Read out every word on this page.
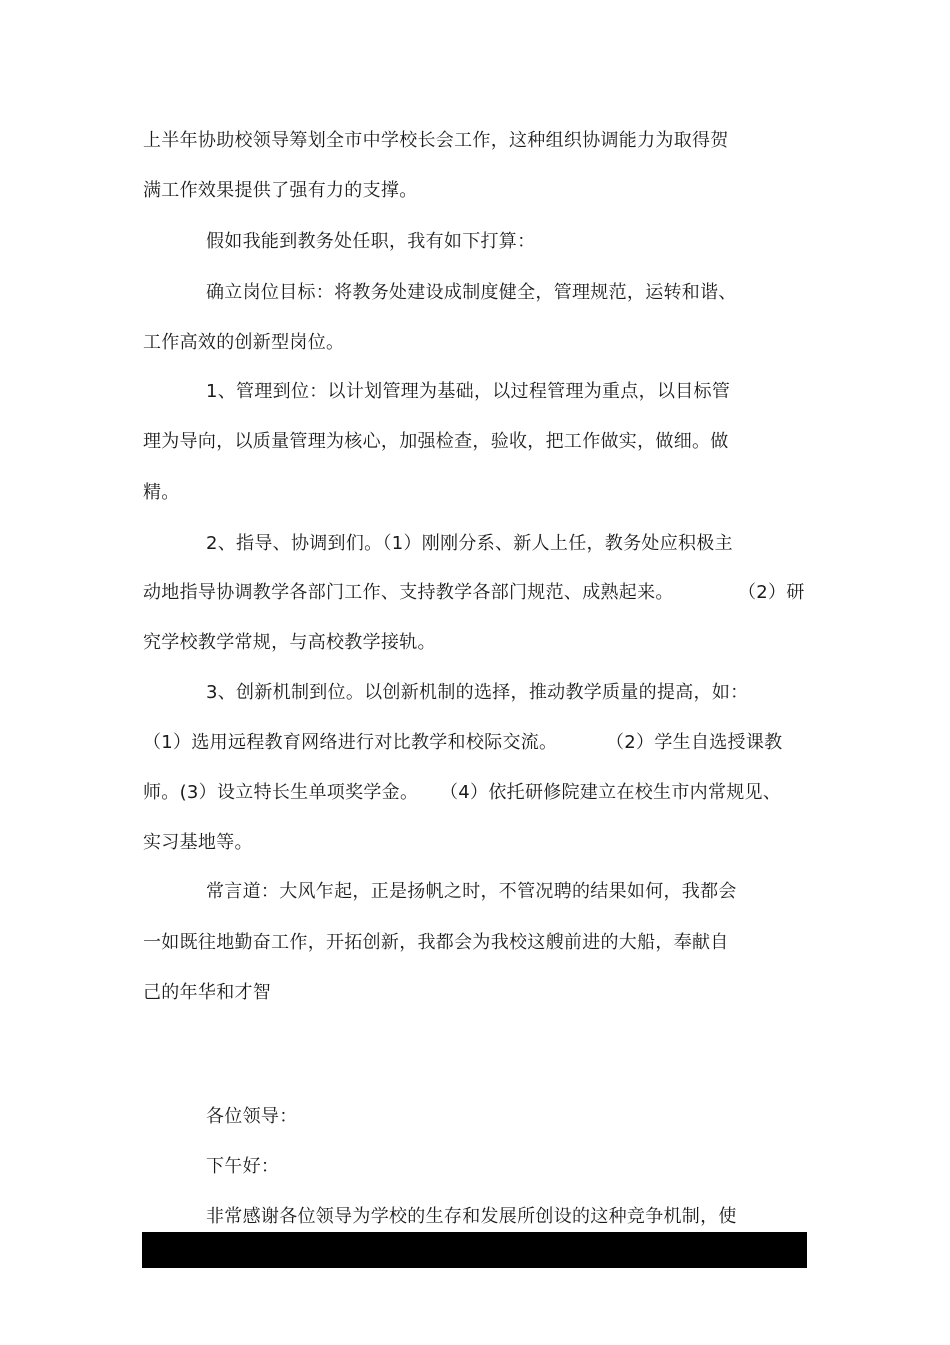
上半年协助校领导筹划全市中学校长会工作，这种组织协调能力为取得贺
满工作效果提供了强有力的支撑。
假如我能到教务处任职，我有如下打算：
确立岗位目标：将教务处建设成制度健全，管理规范，运转和谐、
工作高效的创新型岗位。
1、管理到位：以计划管理为基础，以过程管理为重点，以目标管
理为导向，以质量管理为核心，加强检查，验收，把工作做实，做细。做
精。
2、指导、协调到们。（1）刚刚分系、新人上任，教务处应积极主
动地指导协调教学各部门工作、支持教学各部门规范、成熟起来。	（2）研
究学校教学常规，与高校教学接轨。
3、创新机制到位。以创新机制的选择，推动教学质量的提高，如：
（1）选用远程教育网络进行对比教学和校际交流。	（2）学生自选授课教
师。(3）设立特长生单项奖学金。 （4）依托研修院建立在校生市内常规见、
实习基地等。
常言道：大风乍起，正是扬帆之时，不管况聘的结果如何，我都会
一如既往地勤奋工作，开拓创新，我都会为我校这艘前进的大船，奉献自
己的年华和才智
各位领导：
下午好：
非常感谢各位领导为学校的生存和发展所创设的这种竞争机制，使
